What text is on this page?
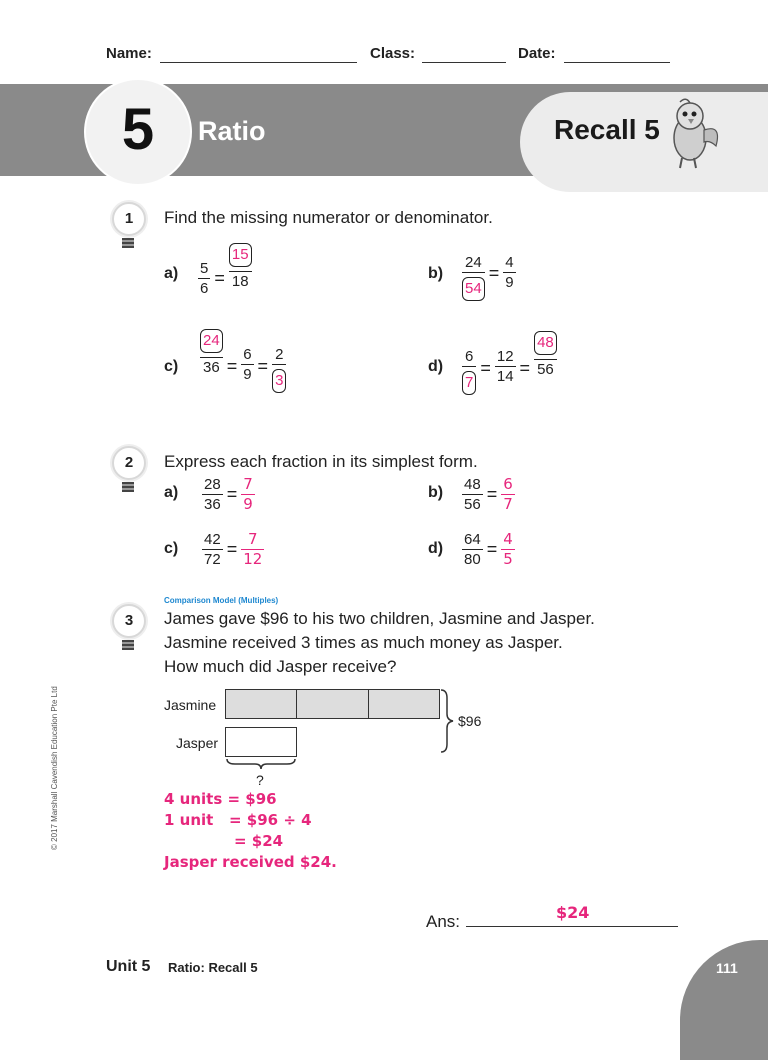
Name:	Class:	Date:
5	Ratio	Recall 5
1	Find the missing numerator or denominator.
$a) \frac{5}{6} = \frac{15}{18}$	$b) \frac{24}{54} = \frac{4}{9}$
$c) \frac{24}{36} = \frac{6}{9} = \frac{2}{3}$	$d) \frac{6}{7} = \frac{12}{14} = \frac{48}{56}$
2	Express each fraction in its simplest form.
$a) \frac{28}{36} = \frac{7}{9}$	$b) \frac{48}{56} = \frac{6}{7}$
$c) \frac{42}{72} = \frac{7}{12}$	$d) \frac{64}{80} = \frac{4}{5}$
Comparison Model (Multiples)
3	James gave $96 to his two children, Jasmine and Jasper.
Jasmine received 3 times as much money as Jasper.
How much did Jasper receive?
Jasmine
Jasper
$96
?
4 units = $96
1 unit   = $96 ÷ 4
= $24
Jasper received $24.
Ans:	$24
© 2017 Marshall Cavendish Education Pte Ltd
Unit 5 Ratio: Recall 5	111
